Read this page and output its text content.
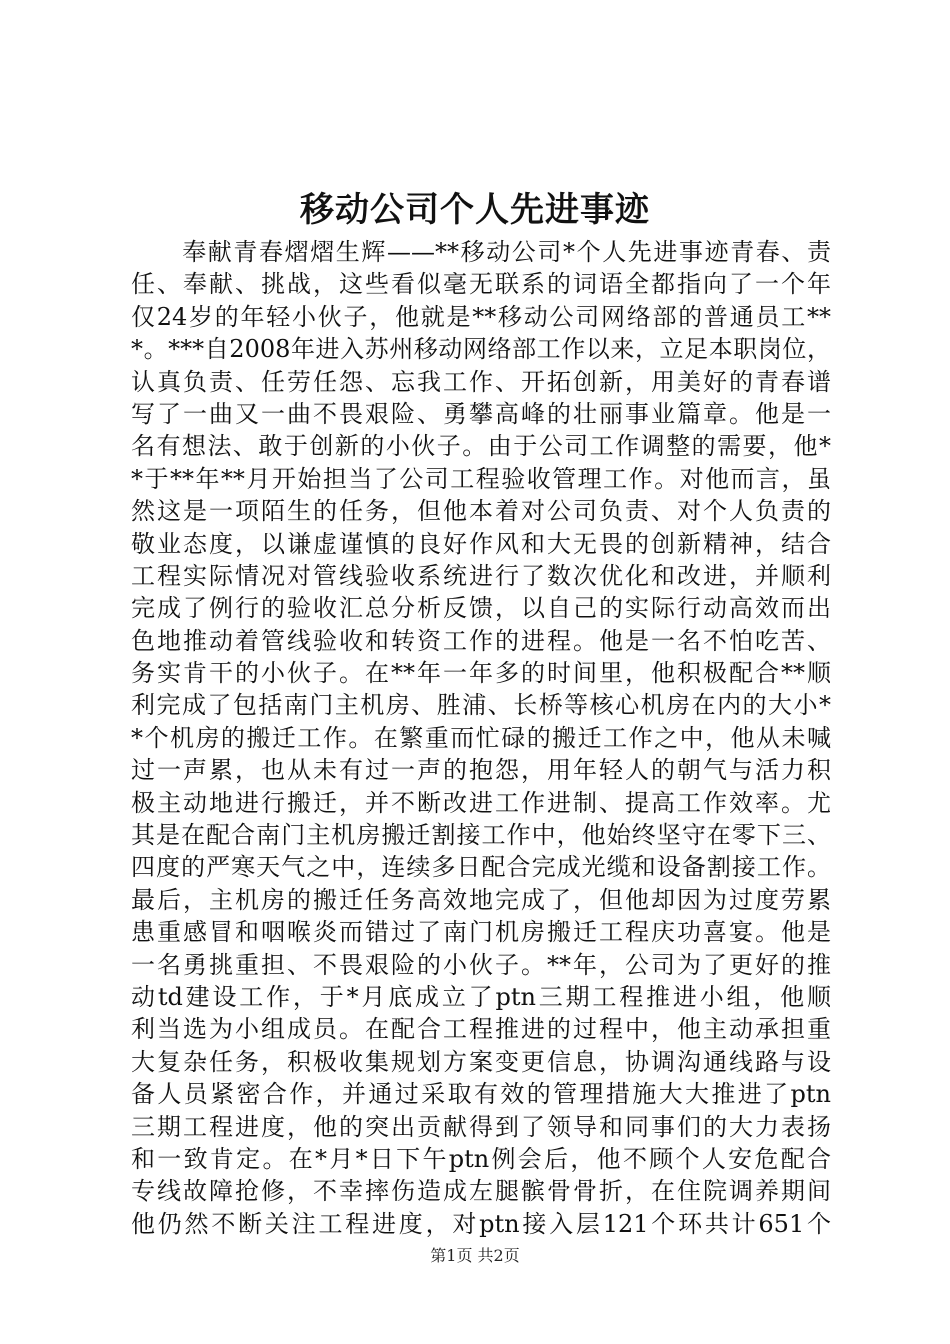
移动公司个人先进事迹
　　奉献青春熠熠生辉——**移动公司*个人先进事迹青春、责
任、奉献、挑战，这些看似毫无联系的词语全都指向了一个年
仅24岁的年轻小伙子，他就是**移动公司网络部的普通员工**
*。***自2008年进入苏州移动网络部工作以来，立足本职岗位，
认真负责、任劳任怨、忘我工作、开拓创新，用美好的青春谱
写了一曲又一曲不畏艰险、勇攀高峰的壮丽事业篇章。他是一
名有想法、敢于创新的小伙子。由于公司工作调整的需要，他*
*于**年**月开始担当了公司工程验收管理工作。对他而言，虽
然这是一项陌生的任务，但他本着对公司负责、对个人负责的
敬业态度，以谦虚谨慎的良好作风和大无畏的创新精神，结合
工程实际情况对管线验收系统进行了数次优化和改进，并顺利
完成了例行的验收汇总分析反馈，以自己的实际行动高效而出
色地推动着管线验收和转资工作的进程。他是一名不怕吃苦、
务实肯干的小伙子。在**年一年多的时间里，他积极配合**顺
利完成了包括南门主机房、胜浦、长桥等核心机房在内的大小*
*个机房的搬迁工作。在繁重而忙碌的搬迁工作之中，他从未喊
过一声累，也从未有过一声的抱怨，用年轻人的朝气与活力积
极主动地进行搬迁，并不断改进工作进制、提高工作效率。尤
其是在配合南门主机房搬迁割接工作中，他始终坚守在零下三、
四度的严寒天气之中，连续多日配合完成光缆和设备割接工作。
最后，主机房的搬迁任务高效地完成了，但他却因为过度劳累
患重感冒和咽喉炎而错过了南门机房搬迁工程庆功喜宴。他是
一名勇挑重担、不畏艰险的小伙子。**年，公司为了更好的推
动td建设工作，于*月底成立了ptn三期工程推进小组，他顺
利当选为小组成员。在配合工程推进的过程中，他主动承担重
大复杂任务，积极收集规划方案变更信息，协调沟通线路与设
备人员紧密合作，并通过采取有效的管理措施大大推进了ptn
三期工程进度，他的突出贡献得到了领导和同事们的大力表扬
和一致肯定。在*月*日下午ptn例会后，他不顾个人安危配合
专线故障抢修，不幸摔伤造成左腿髌骨骨折，在住院调养期间
他仍然不断关注工程进度，对ptn接入层121个环共计651个
第1页 共2页
